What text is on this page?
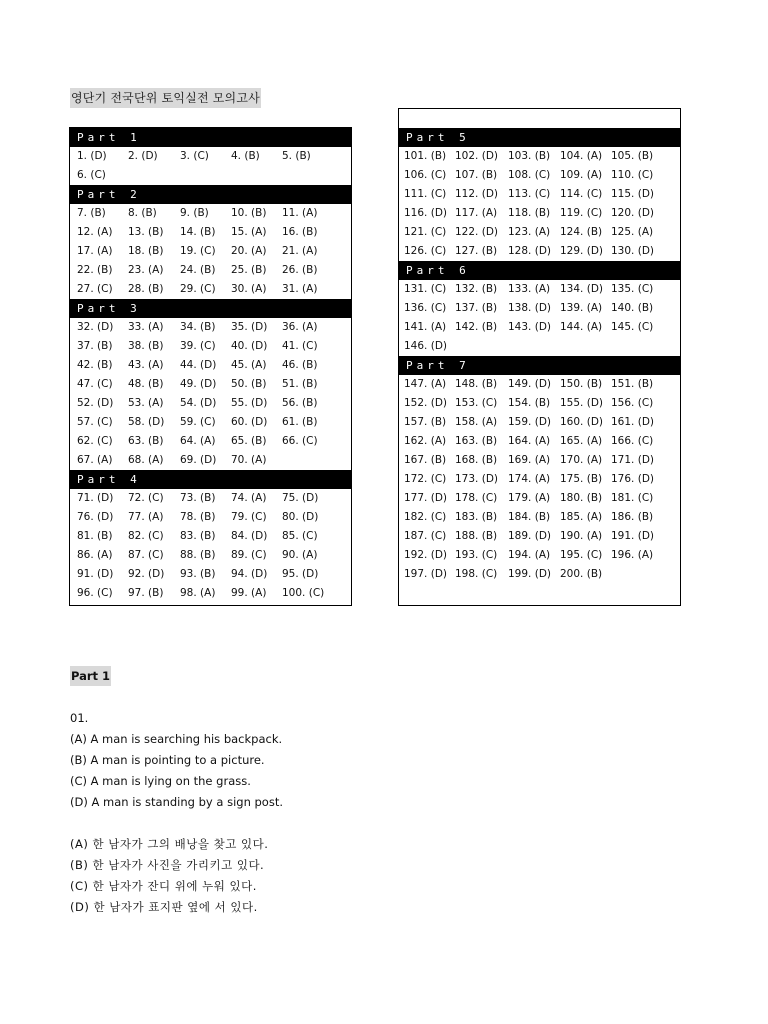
영단기 전국단위 토익실전 모의고사
Part 1
1. (D) 2. (D) 3. (C) 4. (B) 5. (B)
6. (C)
Part 2
7. (B) 8. (B) 9. (B) 10. (B) 11. (A)
12. (A) 13. (B) 14. (B) 15. (A) 16. (B)
17. (A) 18. (B) 19. (C) 20. (A) 21. (A)
22. (B) 23. (A) 24. (B) 25. (B) 26. (B)
27. (C) 28. (B) 29. (C) 30. (A) 31. (A)
Part 3
32. (D) 33. (A) 34. (B) 35. (D) 36. (A)
37. (B) 38. (B) 39. (C) 40. (D) 41. (C)
42. (B) 43. (A) 44. (D) 45. (A) 46. (B)
47. (C) 48. (B) 49. (D) 50. (B) 51. (B)
52. (D) 53. (A) 54. (D) 55. (D) 56. (B)
57. (C) 58. (D) 59. (C) 60. (D) 61. (B)
62. (C) 63. (B) 64. (A) 65. (B) 66. (C)
67. (A) 68. (A) 69. (D) 70. (A)
Part 4
71. (D) 72. (C) 73. (B) 74. (A) 75. (D)
76. (D) 77. (A) 78. (B) 79. (C) 80. (D)
81. (B) 82. (C) 83. (B) 84. (D) 85. (C)
86. (A) 87. (C) 88. (B) 89. (C) 90. (A)
91. (D) 92. (D) 93. (B) 94. (D) 95. (D)
96. (C) 97. (B) 98. (A) 99. (A) 100. (C)
Part 5
101. (B) 102. (D) 103. (B) 104. (A) 105. (B)
106. (C) 107. (B) 108. (C) 109. (A) 110. (C)
111. (C) 112. (D) 113. (C) 114. (C) 115. (D)
116. (D) 117. (A) 118. (B) 119. (C) 120. (D)
121. (C) 122. (D) 123. (A) 124. (B) 125. (A)
126. (C) 127. (B) 128. (D) 129. (D) 130. (D)
Part 6
131. (C) 132. (B) 133. (A) 134. (D) 135. (C)
136. (C) 137. (B) 138. (D) 139. (A) 140. (B)
141. (A) 142. (B) 143. (D) 144. (A) 145. (C)
146. (D)
Part 7
147. (A) 148. (B) 149. (D) 150. (B) 151. (B)
152. (D) 153. (C) 154. (B) 155. (D) 156. (C)
157. (B) 158. (A) 159. (D) 160. (D) 161. (D)
162. (A) 163. (B) 164. (A) 165. (A) 166. (C)
167. (B) 168. (B) 169. (A) 170. (A) 171. (D)
172. (C) 173. (D) 174. (A) 175. (B) 176. (D)
177. (D) 178. (C) 179. (A) 180. (B) 181. (C)
182. (C) 183. (B) 184. (B) 185. (A) 186. (B)
187. (C) 188. (B) 189. (D) 190. (A) 191. (D)
192. (D) 193. (C) 194. (A) 195. (C) 196. (A)
197. (D) 198. (C) 199. (D) 200. (B)
Part 1
01.
(A) A man is searching his backpack.
(B) A man is pointing to a picture.
(C) A man is lying on the grass.
(D) A man is standing by a sign post.
(A) 한 남자가 그의 배낭을 찾고 있다.
(B) 한 남자가 사진을 가리키고 있다.
(C) 한 남자가 잔디 위에 누워 있다.
(D) 한 남자가 표지판 옆에 서 있다.
